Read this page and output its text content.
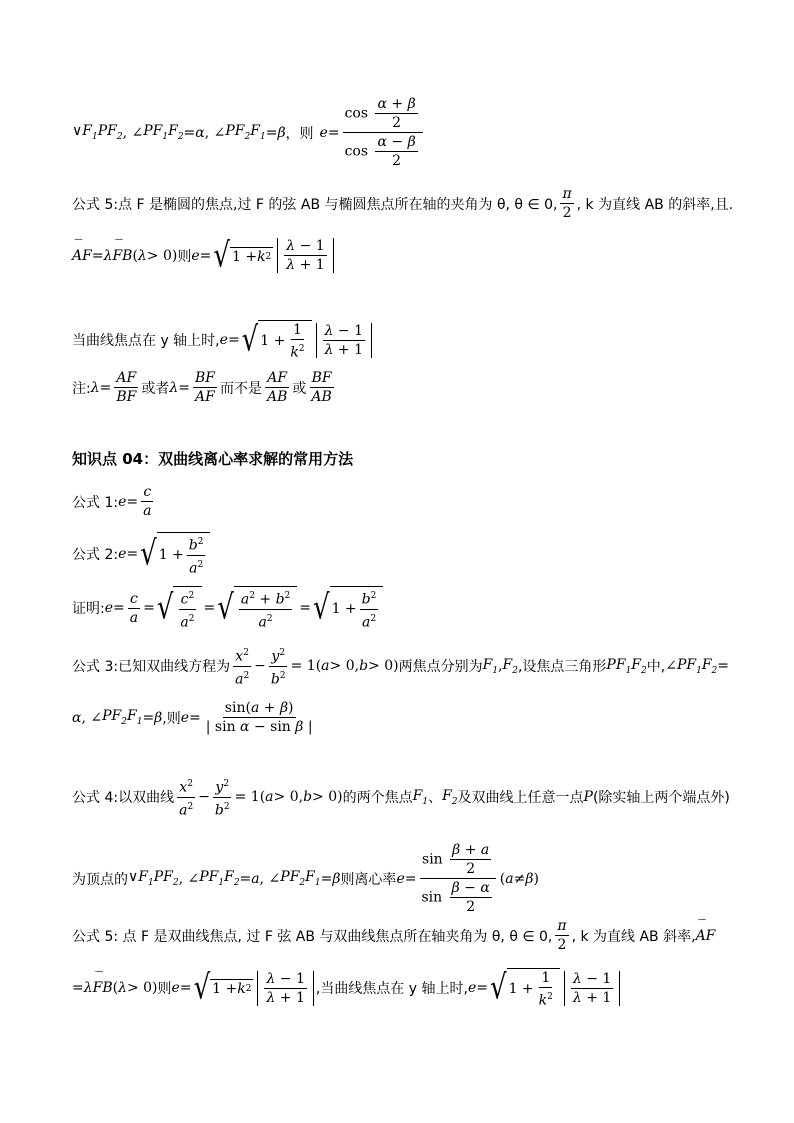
$\vee F_1PF_2$ , ∠ $PF_1F_2 = \alpha$ , ∠ $PF_2F_1 = \beta$ ，则 $e = \frac{\cos \frac{\alpha + \beta}{2}}{\cos \frac{\alpha - \beta}{2}}$
公式 5:点 F 是椭圆的焦点,过 F 的弦 AB 与椭圆焦点所在轴的夹角为 θ, θ ∈ 0, $\frac{\pi}{2}$ , k 为直线 AB 的斜率,且.
˘˘˘ AF = λ ˘˘˘ FB ( λ > 0) 则 e = √ 1 + k $2 \frac{\lambda - 1}{\lambda + 1}$
当曲线焦点在 y 轴上时, e = √ $1 + \frac{1}{k^2} \frac{\lambda - 1}{\lambda + 1}$
注: $\lambda = \frac{AF}{BF}$ 或者 $\lambda = \frac{BF}{AF}$ 而不是 $\frac{AF}{AB}$ 或 $\frac{BF}{AB}$
知识点 04：双曲线离心率求解的常用方法
公式 1: $e = \frac{c}{a}$
公式 2: e = √ $1 + \frac{b^2}{a^2}$
证明: $e = \frac{c}{a}$ = √ $\frac{c^2}{a^2}$ = √ $\frac{a^2 + b^2}{a^2}$ = √ $1 + \frac{b^2}{a^2}$
公式 3:已知双曲线方程为 $\frac{x^2}{a^2} - \frac{y^2}{b^2} = 1$( a > 0, b > 0) 两焦点分别为 $F_1$ , $F_2$ ,设焦点三角形 $PF_1F_2$ 中, ∠ $PF_1F_2$ =
α , ∠ $PF_2F_1 = \beta$ ,则 $e = \frac{\sin(a + \beta)}{\text{| sin α − sin β |}}$
公式 4:以双曲线 $\frac{x^2}{a^2} - \frac{y^2}{b^2} = 1$( a > 0, b > 0) 的两个焦点 $F_1$ 、 $F_2$ 及双曲线上任意一点 P (除实轴上两个端点外)
为顶点的 $\vee F_1PF_2$ , ∠ $PF_1F_2 = a$ , ∠ $PF_2F_1 = \beta$ 则离心率 $e = \frac{\sin \frac{\beta + a}{2}}{\sin \frac{\beta - \alpha}{2}}$ ( a ≠ β )
公式 5: 点 F 是双曲线焦点, 过 F 弦 AB 与双曲线焦点所在轴夹角为 θ, θ ∈ 0, $\frac{\pi}{2}$ , k 为直线 AB 斜率, ˘˘˘ AF
= λ ˘˘˘ FB ( λ > 0) 则 e = √ 1 + k $2 \frac{\lambda - 1}{\lambda + 1}$ ,当曲线焦点在 y 轴上时, e = √ $1 + \frac{1}{k^2} \frac{\lambda - 1}{\lambda + 1}$
